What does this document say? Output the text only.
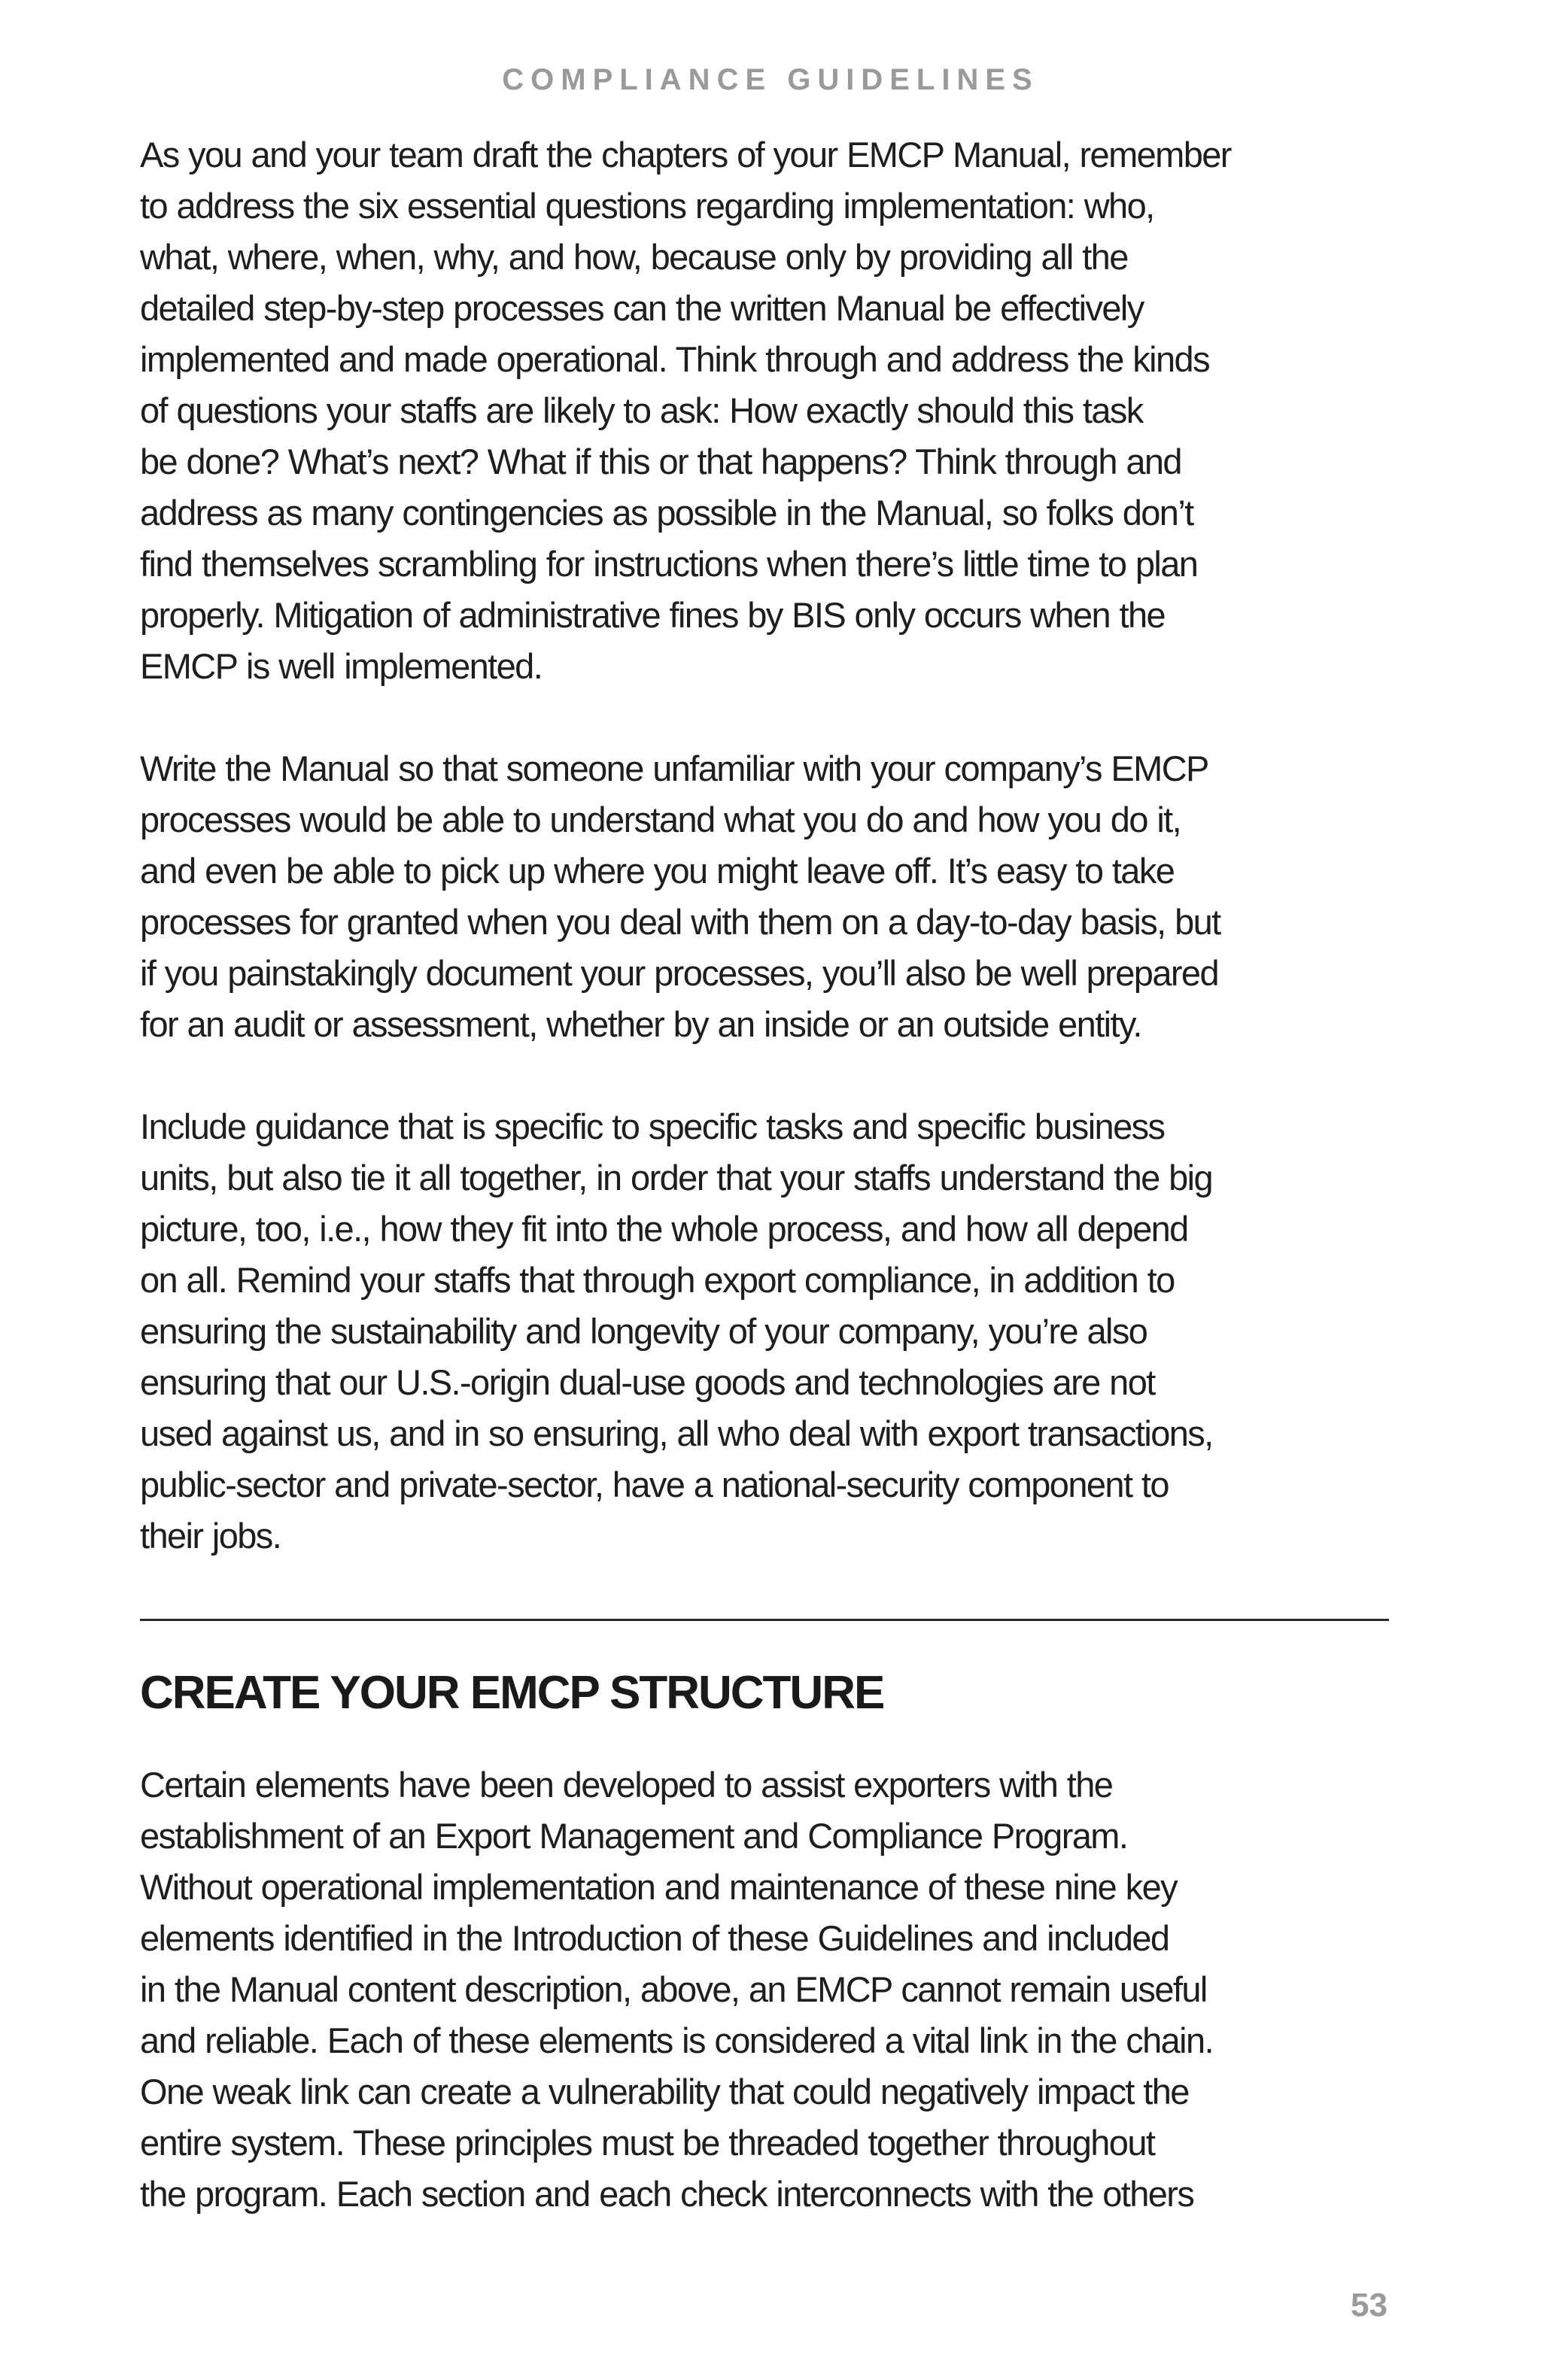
COMPLIANCE GUIDELINES

As you and your team draft the chapters of your EMCP Manual, remember
to address the six essential questions regarding implementation: who,
what, where, when, why, and how, because only by providing all the
detailed step-by-step processes can the written Manual be effectively
implemented and made operational. Think through and address the kinds
of questions your staffs are likely to ask: How exactly should this task
be done? What’s next? What if this or that happens? Think through and
address as many contingencies as possible in the Manual, so folks don’t
find themselves scrambling for instructions when there’s little time to plan
properly. Mitigation of administrative fines by BIS only occurs when the
EMCP is well implemented.

Write the Manual so that someone unfamiliar with your company’s EMCP
processes would be able to understand what you do and how you do it,
and even be able to pick up where you might leave off. It’s easy to take
processes for granted when you deal with them on a day-to-day basis, but
if you painstakingly document your processes, you’ll also be well prepared
for an audit or assessment, whether by an inside or an outside entity.

Include guidance that is specific to specific tasks and specific business
units, but also tie it all together, in order that your staffs understand the big
picture, too, i.e., how they fit into the whole process, and how all depend
on all. Remind your staffs that through export compliance, in addition to
ensuring the sustainability and longevity of your company, you’re also
ensuring that our U.S.-origin dual-use goods and technologies are not
used against us, and in so ensuring, all who deal with export transactions,
public-sector and private-sector, have a national-security component to
their jobs.

CREATE YOUR EMCP STRUCTURE

Certain elements have been developed to assist exporters with the
establishment of an Export Management and Compliance Program.
Without operational implementation and maintenance of these nine key
elements identified in the Introduction of these Guidelines and included
in the Manual content description, above, an EMCP cannot remain useful
and reliable. Each of these elements is considered a vital link in the chain.
One weak link can create a vulnerability that could negatively impact the
entire system. These principles must be threaded together throughout
the program. Each section and each check interconnects with the others

53
